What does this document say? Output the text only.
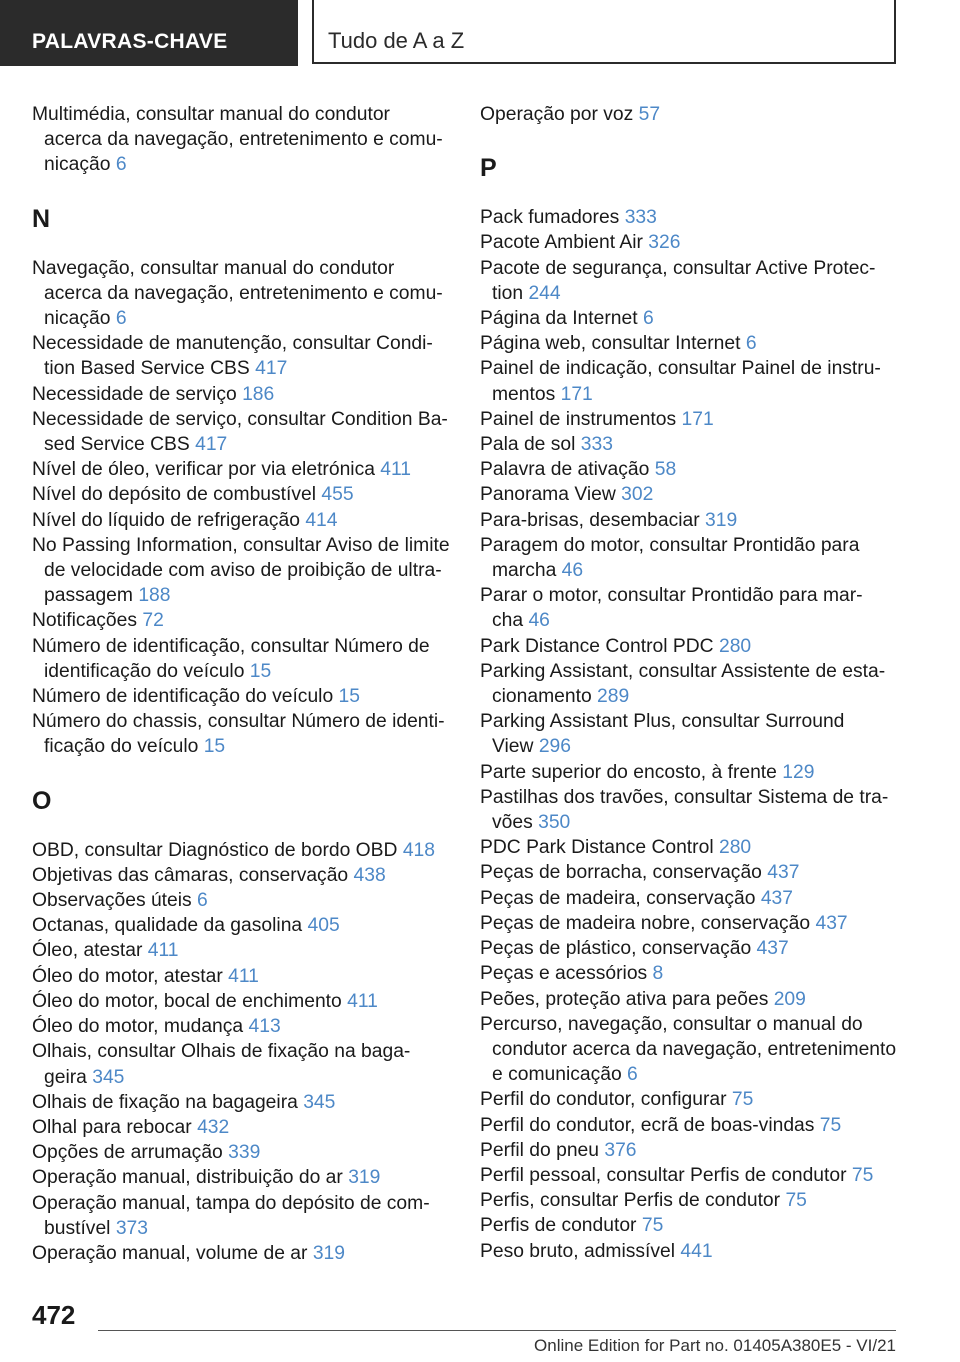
PALAVRAS-CHAVE	Tudo de A a Z
Multimédia, consultar manual do condutor
acerca da navegação, entretenimento e comu-
nicação 6
N
Navegação, consultar manual do condutor
acerca da navegação, entretenimento e comu-
nicação 6
Necessidade de manutenção, consultar Condi-
tion Based Service CBS 417
Necessidade de serviço 186
Necessidade de serviço, consultar Condition Ba-
sed Service CBS 417
Nível de óleo, verificar por via eletrónica 411
Nível do depósito de combustível 455
Nível do líquido de refrigeração 414
No Passing Information, consultar Aviso de limite
de velocidade com aviso de proibição de ultra-
passagem 188
Notificações 72
Número de identificação, consultar Número de
identificação do veículo 15
Número de identificação do veículo 15
Número do chassis, consultar Número de identi-
ficação do veículo 15
O
OBD, consultar Diagnóstico de bordo OBD 418
Objetivas das câmaras, conservação 438
Observações úteis 6
Octanas, qualidade da gasolina 405
Óleo, atestar 411
Óleo do motor, atestar 411
Óleo do motor, bocal de enchimento 411
Óleo do motor, mudança 413
Olhais, consultar Olhais de fixação na baga-
geira 345
Olhais de fixação na bagageira 345
Olhal para rebocar 432
Opções de arrumação 339
Operação manual, distribuição do ar 319
Operação manual, tampa do depósito de com-
bustível 373
Operação manual, volume de ar 319
Operação por voz 57
P
Pack fumadores 333
Pacote Ambient Air 326
Pacote de segurança, consultar Active Protec-
tion 244
Página da Internet 6
Página web, consultar Internet 6
Painel de indicação, consultar Painel de instru-
mentos 171
Painel de instrumentos 171
Pala de sol 333
Palavra de ativação 58
Panorama View 302
Para-brisas, desembaciar 319
Paragem do motor, consultar Prontidão para
marcha 46
Parar o motor, consultar Prontidão para mar-
cha 46
Park Distance Control PDC 280
Parking Assistant, consultar Assistente de esta-
cionamento 289
Parking Assistant Plus, consultar Surround
View 296
Parte superior do encosto, à frente 129
Pastilhas dos travões, consultar Sistema de tra-
vões 350
PDC Park Distance Control 280
Peças de borracha, conservação 437
Peças de madeira, conservação 437
Peças de madeira nobre, conservação 437
Peças de plástico, conservação 437
Peças e acessórios 8
Peões, proteção ativa para peões 209
Percurso, navegação, consultar o manual do
condutor acerca da navegação, entretenimento
e comunicação 6
Perfil do condutor, configurar 75
Perfil do condutor, ecrã de boas-vindas 75
Perfil do pneu 376
Perfil pessoal, consultar Perfis de condutor 75
Perfis, consultar Perfis de condutor 75
Perfis de condutor 75
Peso bruto, admissível 441
472
Online Edition for Part no. 01405A380E5 - VI/21
